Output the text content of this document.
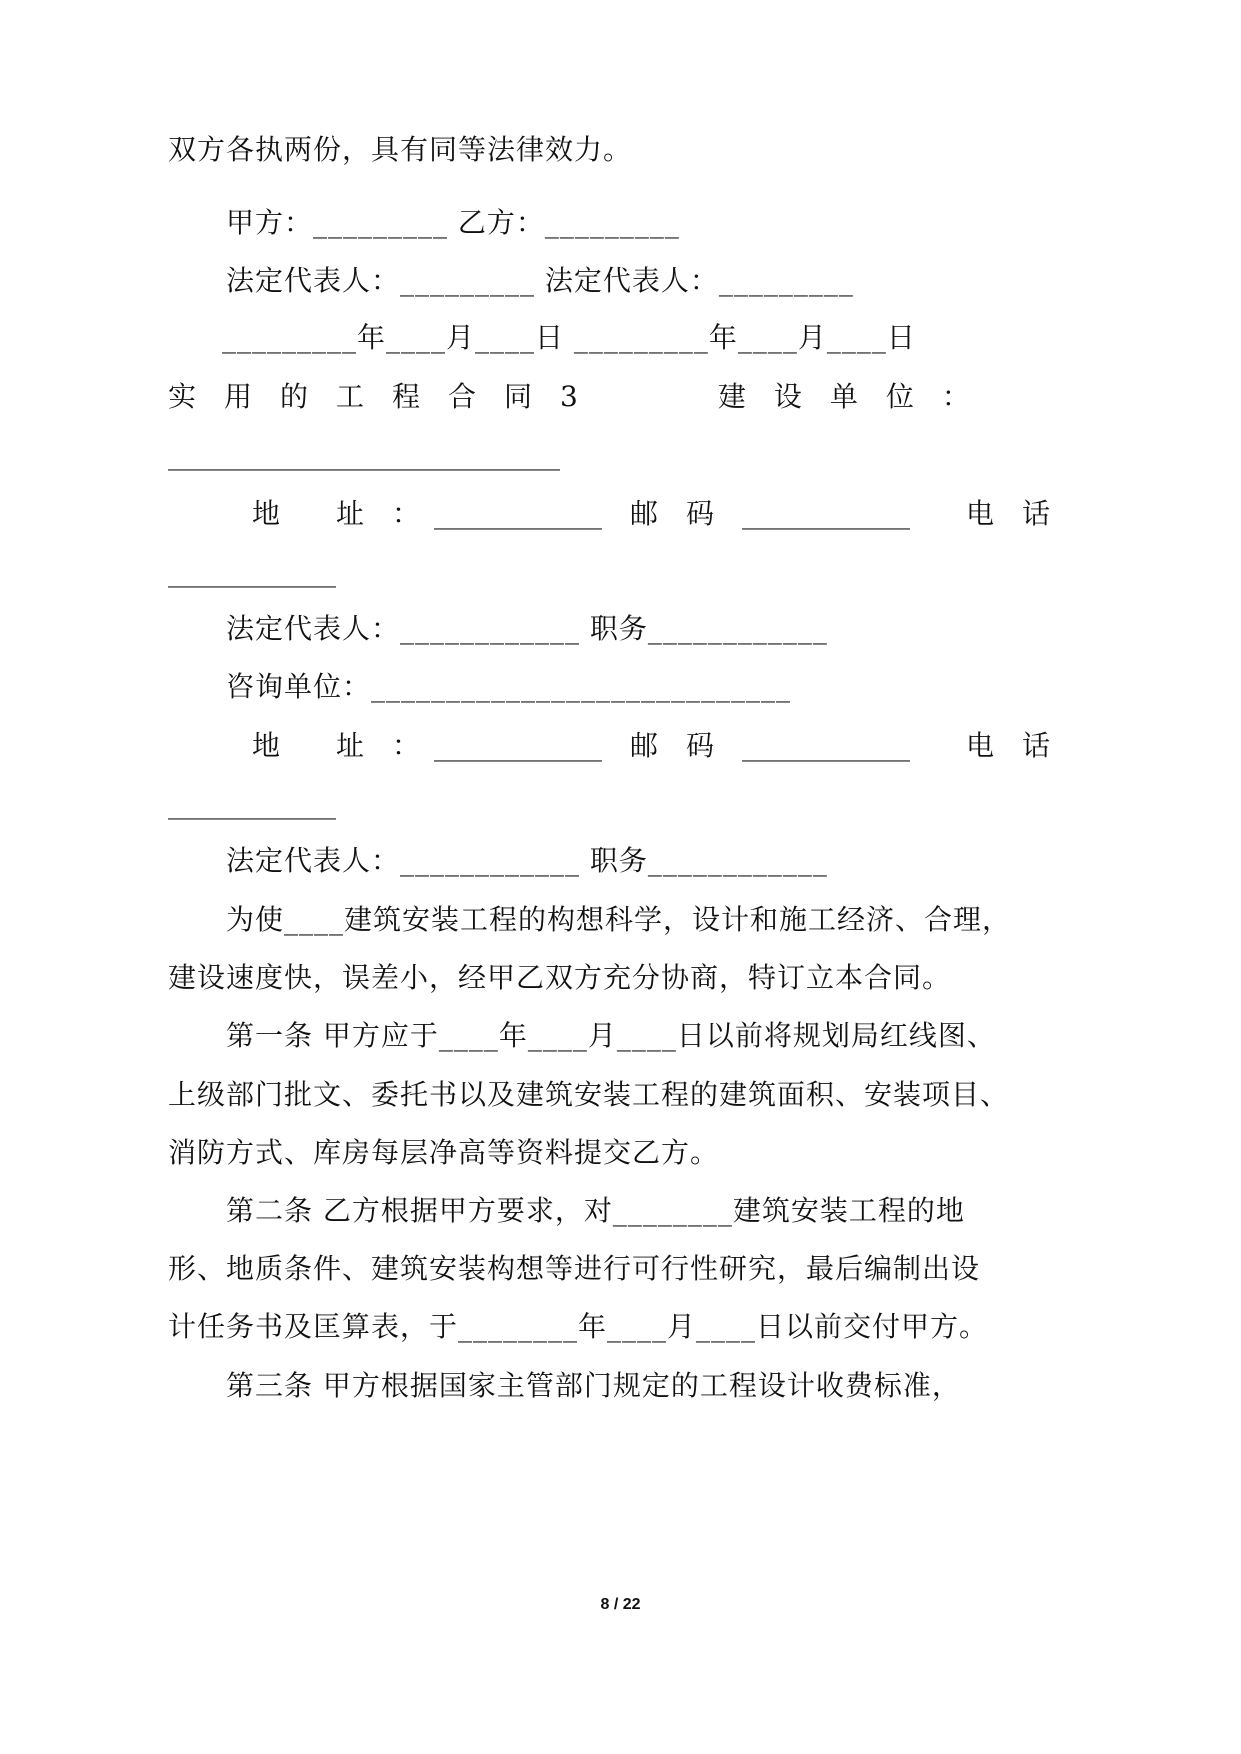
双方各执两份，具有同等法律效力。
甲方：_________ 乙方：_________
法定代表人：_________ 法定代表人：_________
_________年____月____日 _________年____月____日
实　用　的　工　程　合　同　3　　　　　建　设　单　位　：
____________________________
　地　　址　：　____________　邮　码　____________　　电　话
____________
法定代表人：____________ 职务____________
咨询单位：____________________________
　地　　址　：　____________　邮　码　____________　　电　话
____________
法定代表人：____________ 职务____________
为使____建筑安装工程的构想科学，设计和施工经济、合理，
建设速度快，误差小，经甲乙双方充分协商，特订立本合同。
第一条 甲方应于____年____月____日以前将规划局红线图、
上级部门批文、委托书以及建筑安装工程的建筑面积、安装项目、
消防方式、库房每层净高等资料提交乙方。
第二条 乙方根据甲方要求，对________建筑安装工程的地
形、地质条件、建筑安装构想等进行可行性研究，最后编制出设
计任务书及匡算表，于________年____月____日以前交付甲方。
第三条 甲方根据国家主管部门规定的工程设计收费标准，
8 / 22
